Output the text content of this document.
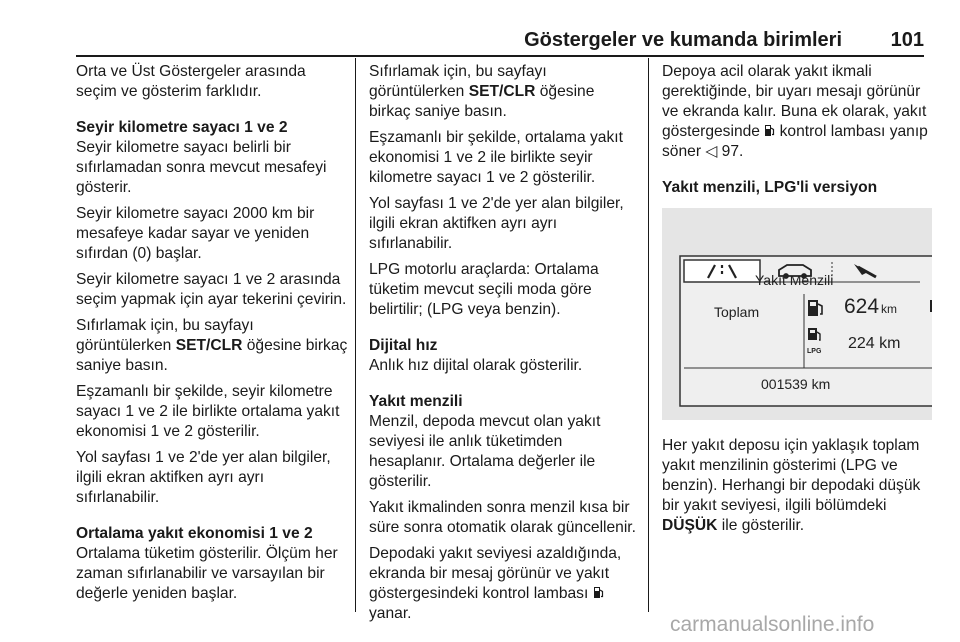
Göstergeler ve kumanda birimleri 101

Orta ve Üst Göstergeler arasında seçim ve gösterim farklıdır.

Seyir kilometre sayacı 1 ve 2

Seyir kilometre sayacı belirli bir sıfırlamadan sonra mevcut mesafeyi gösterir.

Seyir kilometre sayacı 2000 km bir mesafeye kadar sayar ve yeniden sıfırdan (0) başlar.

Seyir kilometre sayacı 1 ve 2 arasında seçim yapmak için ayar tekerini çevirin.

Sıfırlamak için, bu sayfayı görüntülerken SET/CLR öğesine birkaç saniye basın.

Eşzamanlı bir şekilde, seyir kilometre sayacı 1 ve 2 ile birlikte ortalama yakıt ekonomisi 1 ve 2 gösterilir.

Yol sayfası 1 ve 2'de yer alan bilgiler, ilgili ekran aktifken ayrı ayrı sıfırlanabilir.

Ortalama yakıt ekonomisi 1 ve 2

Ortalama tüketim gösterilir. Ölçüm her zaman sıfırlanabilir ve varsayılan bir değerle yeniden başlar.

Sıfırlamak için, bu sayfayı görüntülerken SET/CLR öğesine birkaç saniye basın.

Eşzamanlı bir şekilde, ortalama yakıt ekonomisi 1 ve 2 ile birlikte seyir kilometre sayacı 1 ve 2 gösterilir.

Yol sayfası 1 ve 2'de yer alan bilgiler, ilgili ekran aktifken ayrı ayrı sıfırlanabilir.

LPG motorlu araçlarda: Ortalama tüketim mevcut seçili moda göre belirtilir; (LPG veya benzin).

Dijital hız

Anlık hız dijital olarak gösterilir.

Yakıt menzili

Menzil, depoda mevcut olan yakıt seviyesi ile anlık tüketimden hesaplanır. Ortalama değerler ile gösterilir.

Yakıt ikmalinden sonra menzil kısa bir süre sonra otomatik olarak güncellenir.

Depodaki yakıt seviyesi azaldığında, ekranda bir mesaj görünür ve yakıt göstergesindeki kontrol lambası  yanar.

Depoya acil olarak yakıt ikmali gerektiğinde, bir uyarı mesajı görünür ve ekranda kalır. Buna ek olarak, yakıt göstergesinde  kontrol lambası yanıp söner ◁ 97.

Yakıt menzili, LPG'li versiyon

Yakıt Menzili
Toplam	624 km
LPG 224 km
001539 km

Her yakıt deposu için yaklaşık toplam yakıt menzilinin gösterimi (LPG ve benzin). Herhangi bir depodaki düşük bir yakıt seviyesi, ilgili bölümdeki DÜŞÜK ile gösterilir.

carmanualsonline.info
